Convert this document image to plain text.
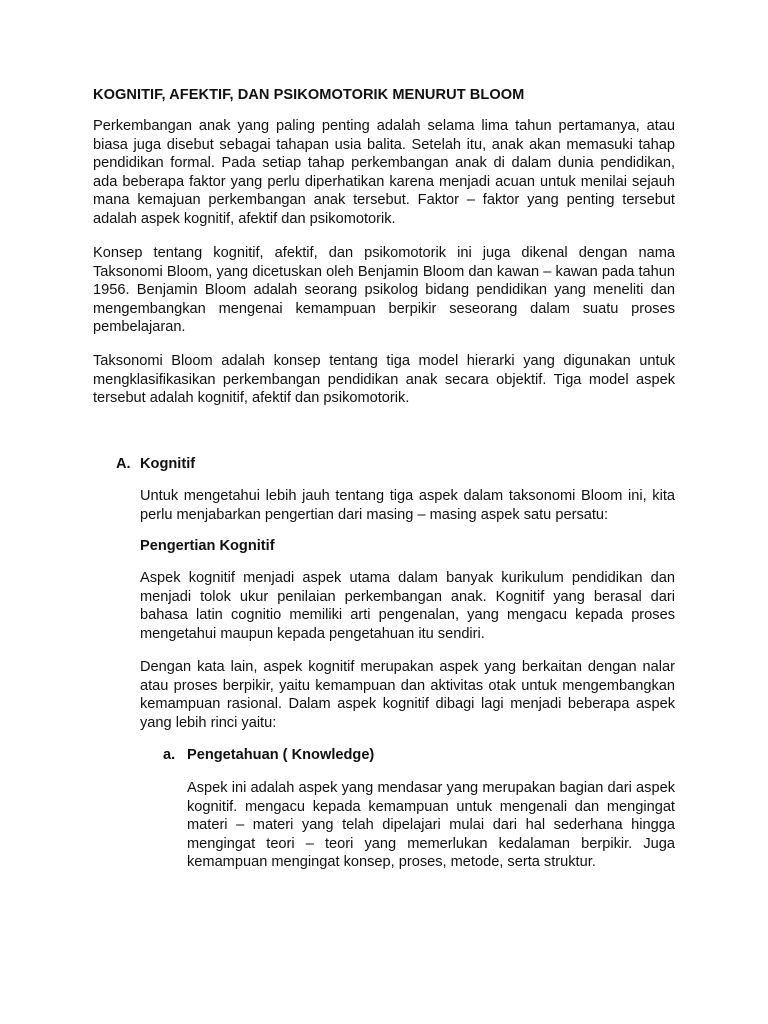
KOGNITIF, AFEKTIF, DAN PSIKOMOTORIK MENURUT BLOOM

Perkembangan anak yang paling penting adalah selama lima tahun pertamanya, atau biasa juga disebut sebagai tahapan usia balita. Setelah itu, anak akan memasuki tahap pendidikan formal. Pada setiap tahap perkembangan anak di dalam dunia pendidikan, ada beberapa faktor yang perlu diperhatikan karena menjadi acuan untuk menilai sejauh mana kemajuan perkembangan anak tersebut. Faktor – faktor yang penting tersebut adalah aspek kognitif, afektif dan psikomotorik.

Konsep tentang kognitif, afektif, dan psikomotorik ini juga dikenal dengan nama Taksonomi Bloom, yang dicetuskan oleh Benjamin Bloom dan kawan – kawan pada tahun 1956. Benjamin Bloom adalah seorang psikolog bidang pendidikan yang meneliti dan mengembangkan mengenai kemampuan berpikir seseorang dalam suatu proses pembelajaran.

Taksonomi Bloom adalah konsep tentang tiga model hierarki yang digunakan untuk mengklasifikasikan perkembangan pendidikan anak secara objektif. Tiga model aspek tersebut adalah kognitif, afektif dan psikomotorik.

A. Kognitif

Untuk mengetahui lebih jauh tentang tiga aspek dalam taksonomi Bloom ini, kita perlu menjabarkan pengertian dari masing – masing aspek satu persatu:

Pengertian Kognitif

Aspek kognitif menjadi aspek utama dalam banyak kurikulum pendidikan dan menjadi tolok ukur penilaian perkembangan anak. Kognitif yang berasal dari bahasa latin cognitio memiliki arti pengenalan, yang mengacu kepada proses mengetahui maupun kepada pengetahuan itu sendiri.

Dengan kata lain, aspek kognitif merupakan aspek yang berkaitan dengan nalar atau proses berpikir, yaitu kemampuan dan aktivitas otak untuk mengembangkan kemampuan rasional. Dalam aspek kognitif dibagi lagi menjadi beberapa aspek yang lebih rinci yaitu:

a. Pengetahuan ( Knowledge)

Aspek ini adalah aspek yang mendasar yang merupakan bagian dari aspek kognitif. mengacu kepada kemampuan untuk mengenali dan mengingat materi – materi yang telah dipelajari mulai dari hal sederhana hingga mengingat teori – teori yang memerlukan kedalaman berpikir. Juga kemampuan mengingat konsep, proses, metode, serta struktur.
